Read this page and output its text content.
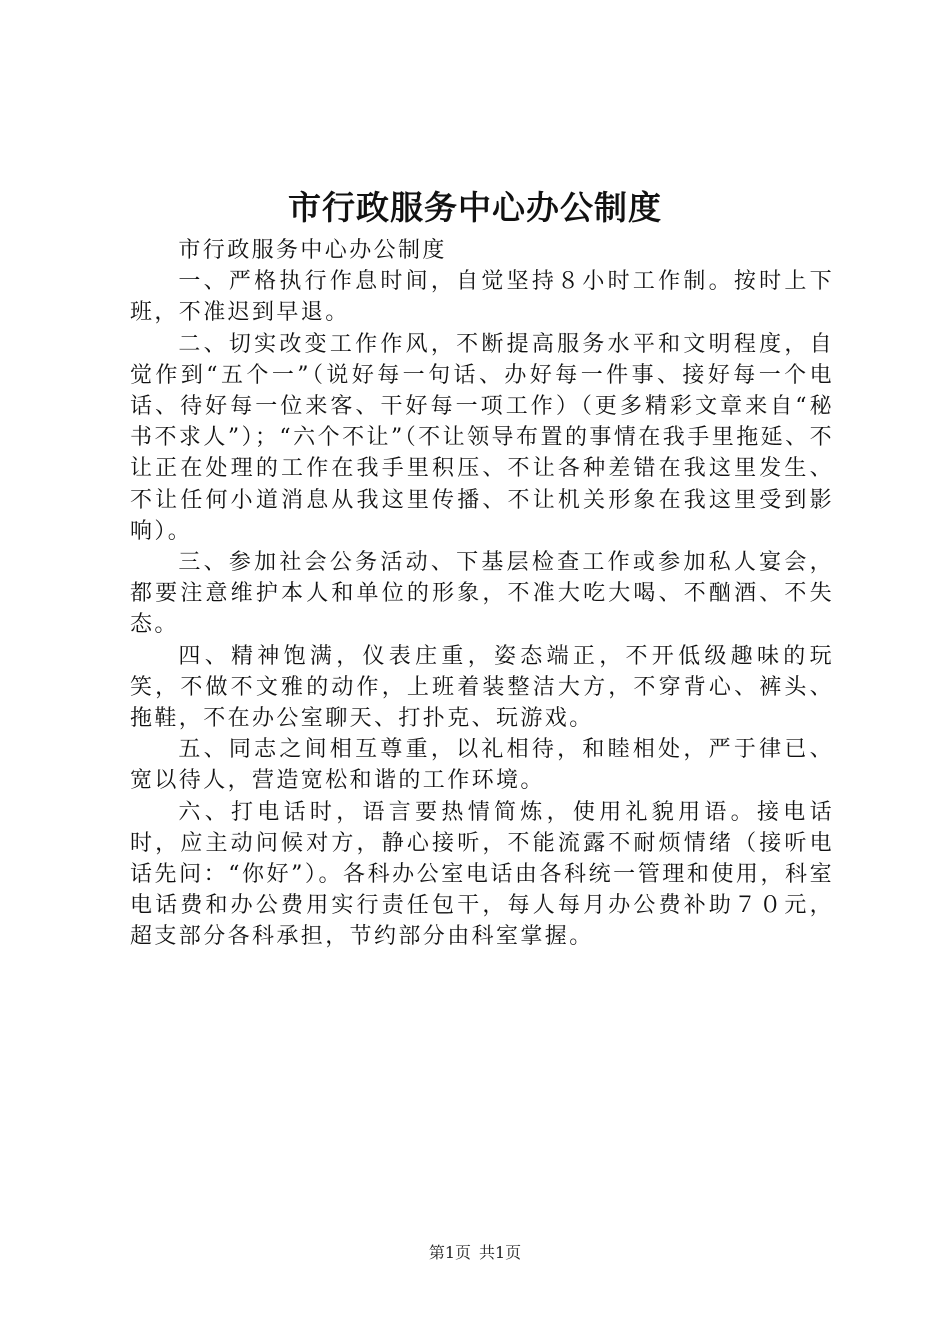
市行政服务中心办公制度

市行政服务中心办公制度

一、严格执行作息时间，自觉坚持８小时工作制。按时上下班，不准迟到早退。

二、切实改变工作作风，不断提高服务水平和文明程度，自觉作到“五个一”（说好每一句话、办好每一件事、接好每一个电话、待好每一位来客、干好每一项工作）（更多精彩文章来自“秘书不求人”）；“六个不让”（不让领导布置的事情在我手里拖延、不让正在处理的工作在我手里积压、不让各种差错在我这里发生、不让任何小道消息从我这里传播、不让机关形象在我这里受到影响）。

三、参加社会公务活动、下基层检查工作或参加私人宴会，都要注意维护本人和单位的形象，不准大吃大喝、不酗酒、不失态。

四、精神饱满，仪表庄重，姿态端正，不开低级趣味的玩笑，不做不文雅的动作，上班着装整洁大方，不穿背心、裤头、拖鞋，不在办公室聊天、打扑克、玩游戏。

五、同志之间相互尊重，以礼相待，和睦相处，严于律已、宽以待人，营造宽松和谐的工作环境。

六、打电话时，语言要热情简炼，使用礼貌用语。接电话时，应主动问候对方，静心接听，不能流露不耐烦情绪（接听电话先问：“你好”）。各科办公室电话由各科统一管理和使用，科室电话费和办公费用实行责任包干，每人每月办公费补助７０元，超支部分各科承担，节约部分由科室掌握。

第1页 共1页
